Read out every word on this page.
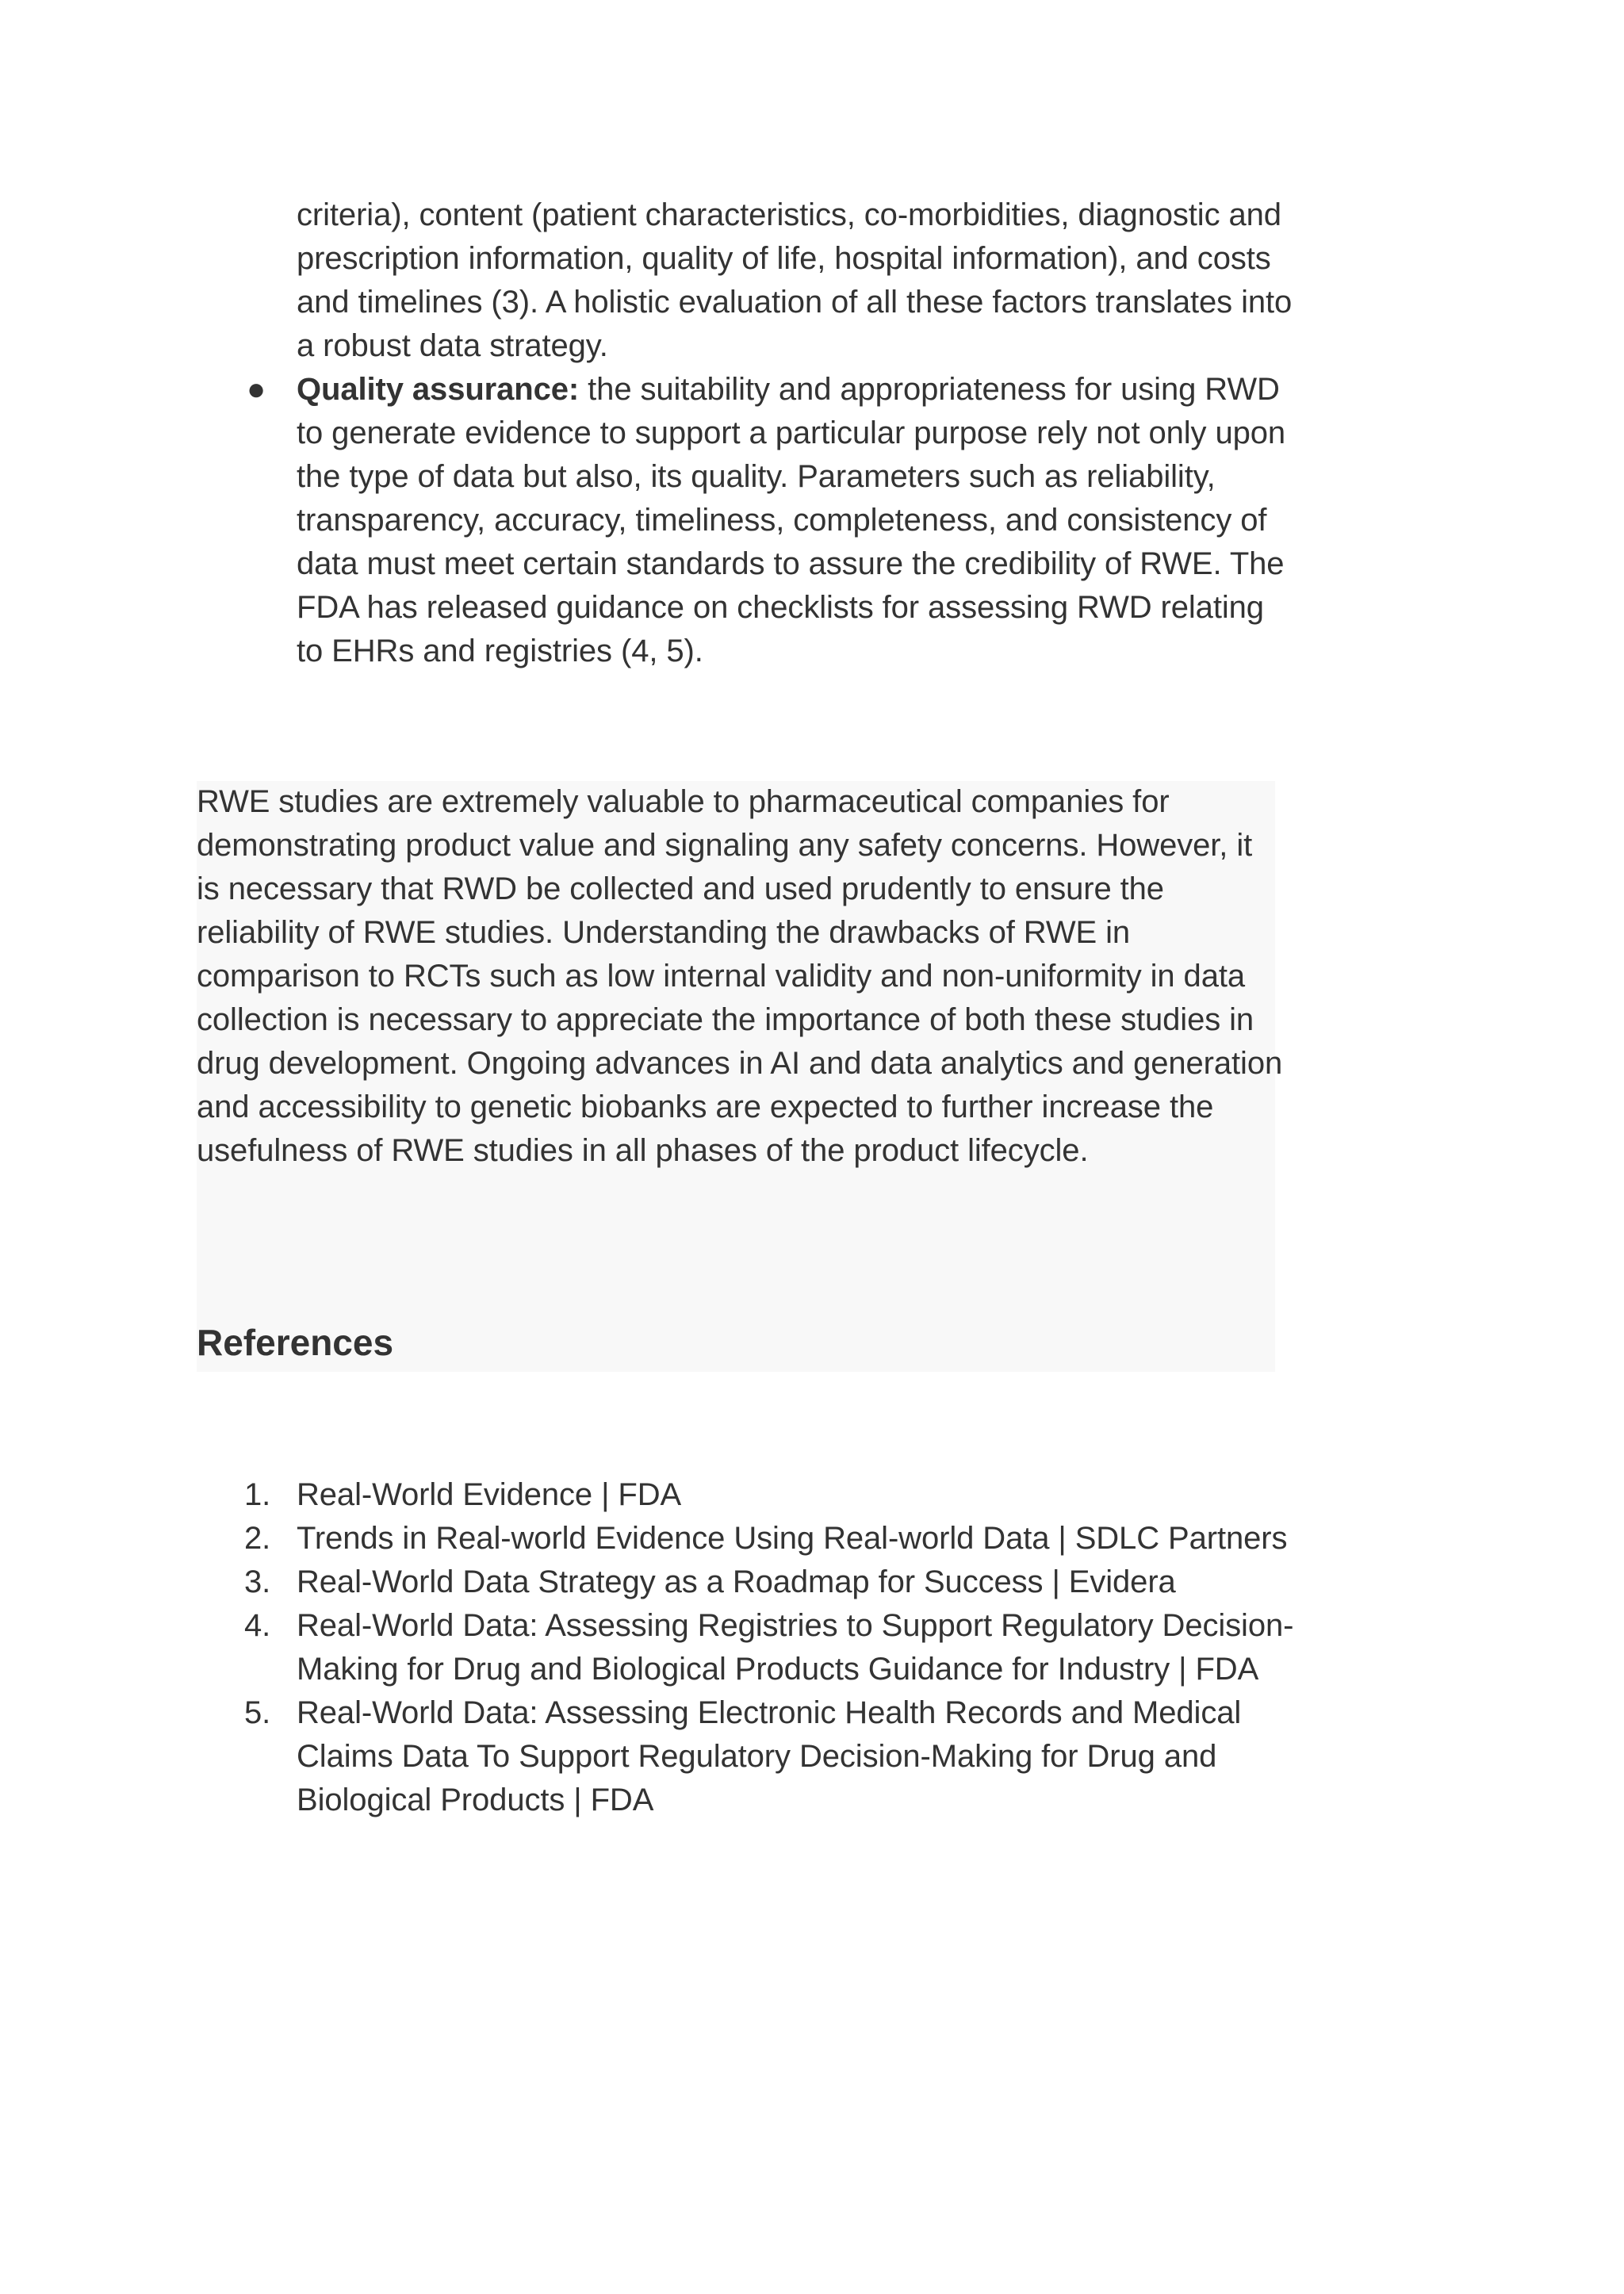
criteria), content (patient characteristics, co-morbidities, diagnostic and prescription information, quality of life, hospital information), and costs and timelines (3). A holistic evaluation of all these factors translates into a robust data strategy.

● Quality assurance: the suitability and appropriateness for using RWD to generate evidence to support a particular purpose rely not only upon the type of data but also, its quality. Parameters such as reliability, transparency, accuracy, timeliness, completeness, and consistency of data must meet certain standards to assure the credibility of RWE. The FDA has released guidance on checklists for assessing RWD relating to EHRs and registries (4, 5).

RWE studies are extremely valuable to pharmaceutical companies for demonstrating product value and signaling any safety concerns. However, it is necessary that RWD be collected and used prudently to ensure the reliability of RWE studies. Understanding the drawbacks of RWE in comparison to RCTs such as low internal validity and non-uniformity in data collection is necessary to appreciate the importance of both these studies in drug development. Ongoing advances in AI and data analytics and generation and accessibility to genetic biobanks are expected to further increase the usefulness of RWE studies in all phases of the product lifecycle.

References
1. Real-World Evidence | FDA
2. Trends in Real-world Evidence Using Real-world Data | SDLC Partners
3. Real-World Data Strategy as a Roadmap for Success | Evidera
4. Real-World Data: Assessing Registries to Support Regulatory Decision-Making for Drug and Biological Products Guidance for Industry | FDA
5. Real-World Data: Assessing Electronic Health Records and Medical Claims Data To Support Regulatory Decision-Making for Drug and Biological Products | FDA
